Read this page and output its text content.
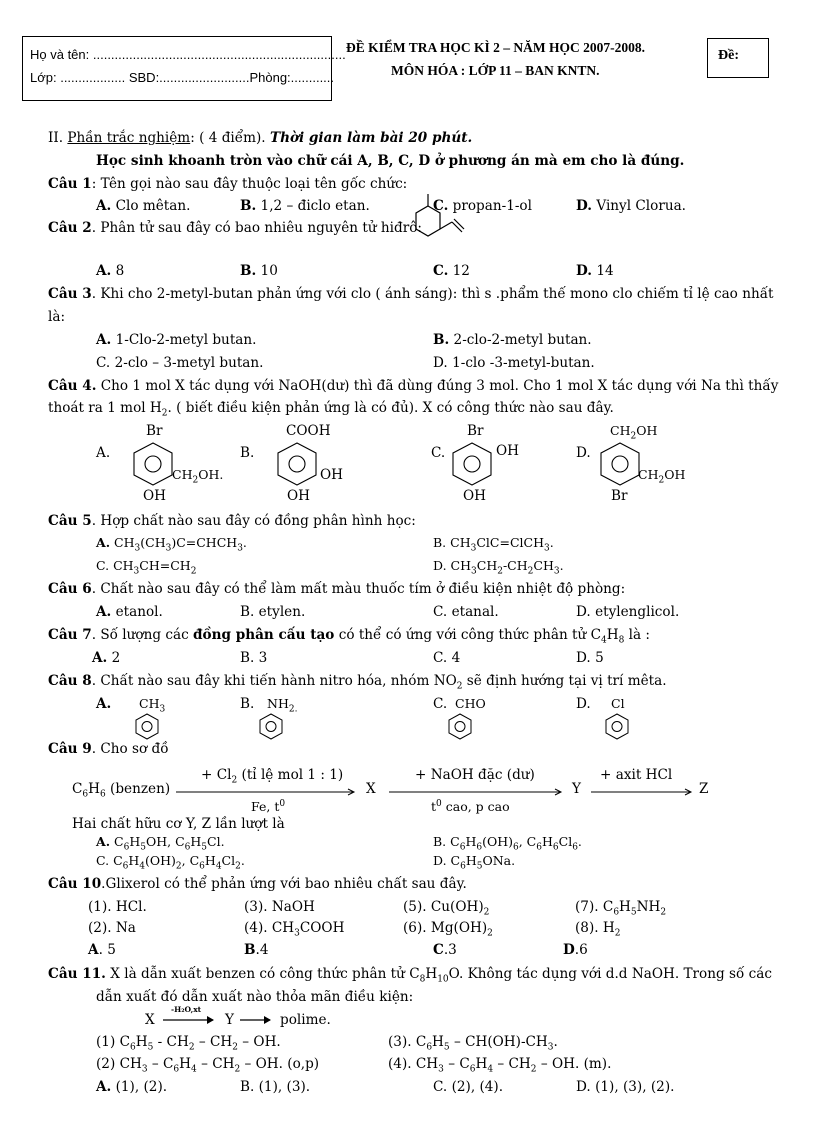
Họ và tên: ......................................................................
Lớp: .................. SBD:.........................Phòng:............
ĐỀ KIỂM TRA HỌC KÌ 2 – NĂM HỌC 2007-2008.
MÔN HÓA : LỚP 11 – BAN KNTN.
Đề:
II. Phần trắc nghiệm: ( 4 điểm). Thời gian làm bài 20 phút.
Học sinh khoanh tròn vào chữ cái A, B, C, D ở phương án mà em cho là đúng.
Câu 1: Tên gọi nào sau đây thuộc loại tên gốc chức:
A. Clo mêtan.	B. 1,2 – điclo etan.	C. propan-1-ol	D. Vinyl Clorua.
Câu 2. Phân tử sau đây có bao nhiêu nguyên tử hiđrô:
A. 8	B. 10	C. 12	D. 14
Câu 3. Khi cho 2-metyl-butan phản ứng với clo ( ánh sáng): thì s .phẩm thế mono clo chiếm tỉ lệ cao nhất
là:
A. 1-Clo-2-metyl butan.	B. 2-clo-2-metyl butan.
C. 2-clo – 3-metyl butan.	D. 1-clo -3-metyl-butan.
Câu 4. Cho 1 mol X tác dụng với NaOH(dư) thì đã dùng đúng 3 mol. Cho 1 mol X tác dụng với Na thì thấy
thoát ra 1 mol $H_2$. ( biết điều kiện phản ứng là có đủ). X có công thức nào sau đây.
A.
Br
$CH_2OH$.
OH
B.
COOH
OH
OH
C.
Br
OH
OH
D.
$CH_2OH$
$CH_2OH$
Br
Câu 5. Hợp chất nào sau đây có đồng phân hình học:
A. $CH_3(CH_3)C=CHCH_3$.	B. $CH_3ClC=ClCH_3$.
C. $CH_3CH=CH_2$	D. $CH_3CH_2-CH_2CH_3$.
Câu 6. Chất nào sau đây có thể làm mất màu thuốc tím ở điều kiện nhiệt độ phòng:
A. etanol.	B. etylen.	C. etanal.	D. etylenglicol.
Câu 7. Số lượng các đồng phân cấu tạo có thể có ứng với công thức phân tử $C_4H_8$ là :
A. 2	B. 3	C. 4	D. 5
Câu 8. Chất nào sau đây khi tiến hành nitro hóa, nhóm $NO_2$ sẽ định hướng tại vị trí mêta.
A. $CH_3$	B. $NH_{2.}$	C. CHO	D. Cl
Câu 9. Cho sơ đồ
$C_6H_6$ (benzen)
+ $Cl_2$ (tỉ lệ mol 1 : 1)
Fe, $t^0$
X
+ NaOH đặc (dư)
$t^0$ cao, p cao
Y
+ axit HCl
Z
Hai chất hữu cơ Y, Z lần lượt là
A. $C_6H_5OH$, $C_6H_5Cl$.	B. $C_6H_6(OH)_6$, $C_6H_6Cl_6$.
C. $C_6H_4(OH)_2$, $C_6H_4Cl_2$.	D. $C_6H_5ONa$.
Câu 10.Glixerol có thể phản ứng với bao nhiêu chất sau đây.
(1). HCl.	(3). NaOH	(5). $Cu(OH)_2$	(7). $C_6H_5NH_2$
(2). Na	(4). $CH_3COOH$	(6). $Mg(OH)_2$	(8). $H_2$
A. 5	B.4	C.3	D.6
Câu 11. X là dẫn xuất benzen có công thức phân tử $C_8H_{10}O$. Không tác dụng với d.d NaOH. Trong số các
dẫn xuất đó dẫn xuất nào thỏa mãn điều kiện:
X
-H₂O,xt
Y	polime.
(1) $C_6H_5 - CH_2 - CH_2$ – OH.	(3). $C_6H_5 - CH(OH)-CH_3$.
(2) $CH_3 - C_6H_4 - CH_2$ – OH. (o,p)	(4). $CH_3 - C_6H_4 - CH_2$ – OH. (m).
A. (1), (2).	B. (1), (3).	C. (2), (4).	D. (1), (3), (2).
